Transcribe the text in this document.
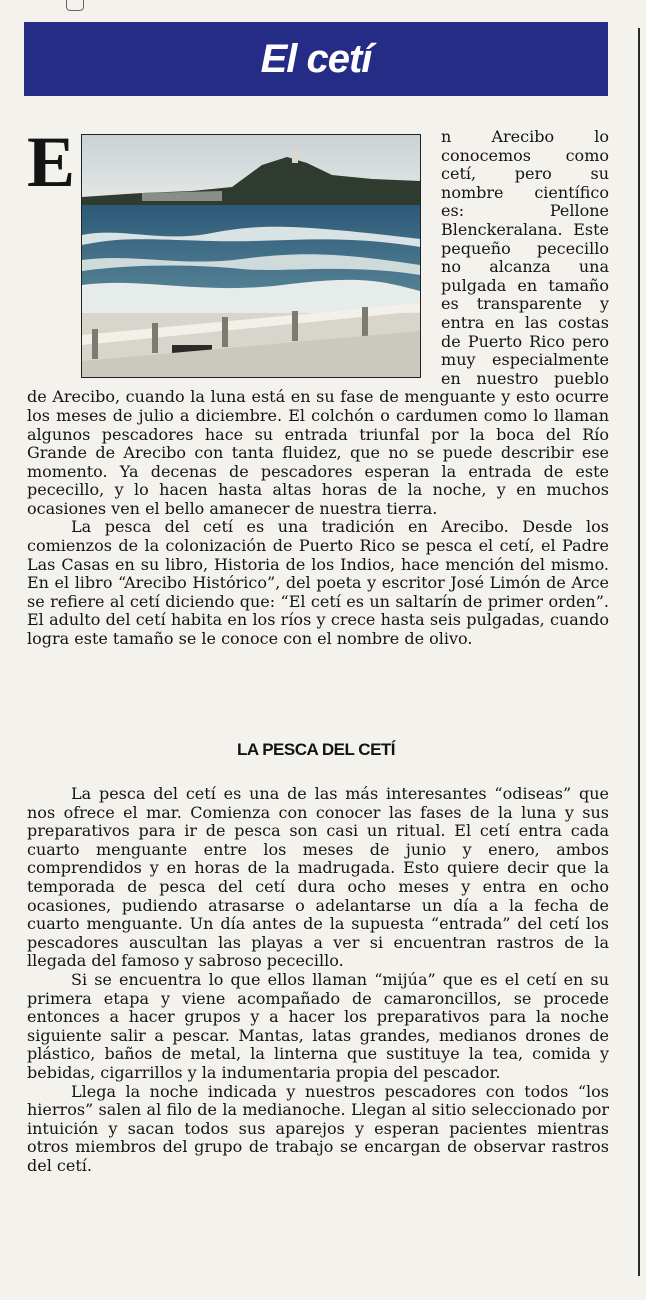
El cetí

E	n Arecibo lo conocemos como cetí, pero su nombre científico es: Pellone Blenckeralana. Este pequeño pececillo no alcanza una pulgada en tamaño es transparente y entra en las costas de Puerto Rico pero muy especialmente en nuestro pueblo de Arecibo, cuando la luna está en su fase de menguante y esto ocurre los meses de julio a diciembre. El colchón o cardumen como lo llaman algunos pescadores hace su entrada triunfal por la boca del Río Grande de Arecibo con tanta fluidez, que no se puede describir ese momento. Ya decenas de pescadores esperan la entrada de este pececillo, y lo hacen hasta altas horas de la noche, y en muchos ocasiones ven el bello amanecer de nuestra tierra.

La pesca del cetí es una tradición en Arecibo. Desde los comienzos de la colonización de Puerto Rico se pesca el cetí, el Padre Las Casas en su libro, Historia de los Indios, hace mención del mismo. En el libro “Arecibo Histórico”, del poeta y escritor José Limón de Arce se refiere al cetí diciendo que: “El cetí es un saltarín de primer orden”. El adulto del cetí habita en los ríos y crece hasta seis pulgadas, cuando logra este tamaño se le conoce con el nombre de olivo.

LA PESCA DEL CETÍ

La pesca del cetí es una de las más interesantes “odiseas” que nos ofrece el mar. Comienza con conocer las fases de la luna y sus preparativos para ir de pesca son casi un ritual. El cetí entra cada cuarto menguante entre los meses de junio y enero, ambos comprendidos y en horas de la madrugada. Esto quiere decir que la temporada de pesca del cetí dura ocho meses y entra en ocho ocasiones, pudiendo atrasarse o adelantarse un día a la fecha de cuarto menguante. Un día antes de la supuesta “entrada” del cetí los pescadores auscultan las playas a ver si encuentran rastros de la llegada del famoso y sabroso pececillo.

Si se encuentra lo que ellos llaman “mijúa” que es el cetí en su primera etapa y viene acompañado de camaroncillos, se procede entonces a hacer grupos y a hacer los preparativos para la noche siguiente salir a pescar. Mantas, latas grandes, medianos drones de plástico, baños de metal, la linterna que sustituye la tea, comida y bebidas, cigarrillos y la indumentaria propia del pescador.

Llega la noche indicada y nuestros pescadores con todos “los hierros” salen al filo de la medianoche. Llegan al sitio seleccionado por intuición y sacan todos sus aparejos y esperan pacientes mientras otros miembros del grupo de trabajo se encargan de observar rastros del cetí.
